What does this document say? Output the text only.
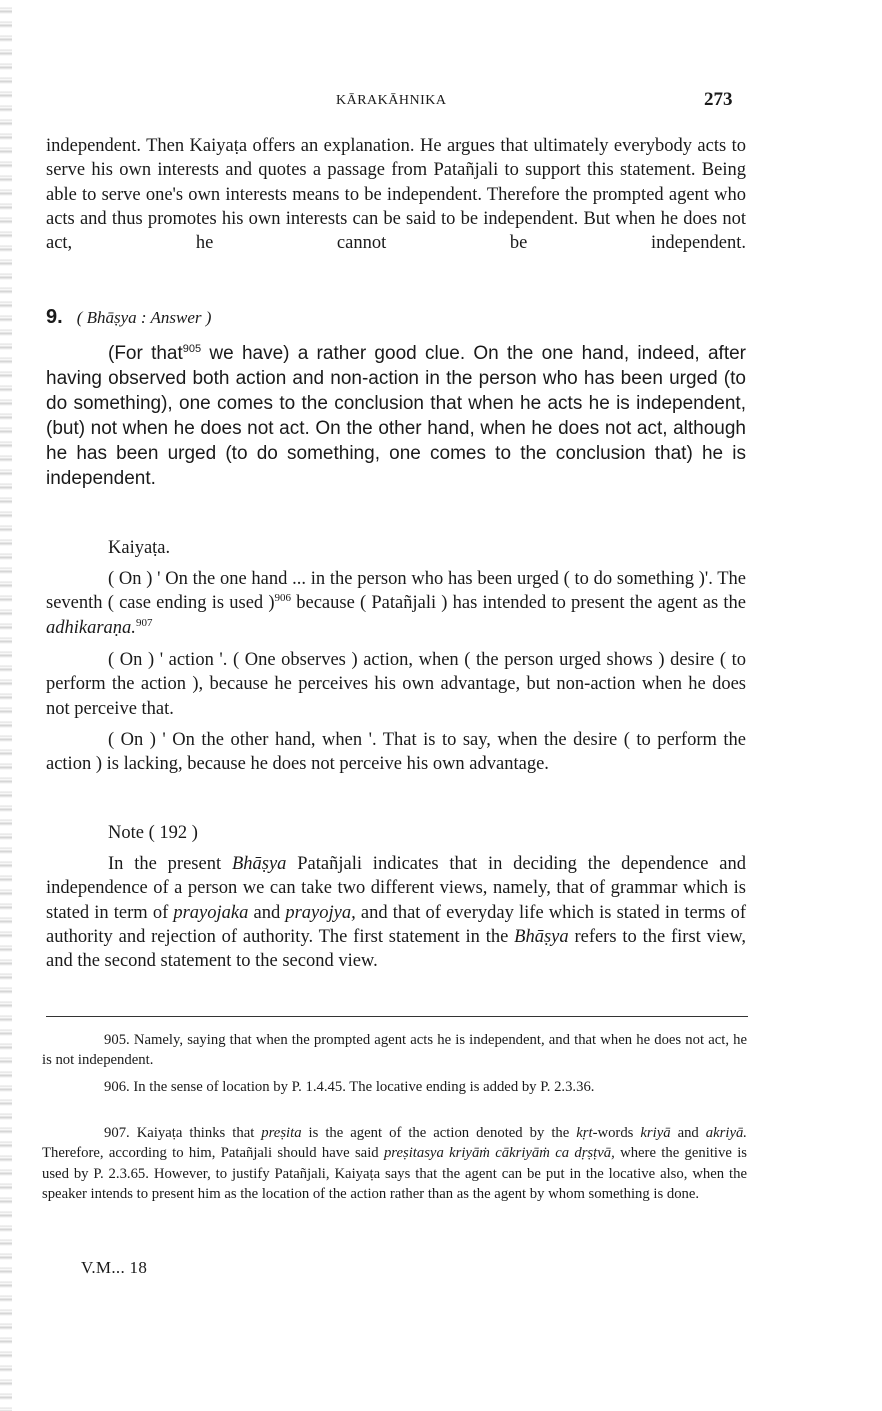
KĀRAKĀHNIKA	273
independent. Then Kaiyaṭa offers an explanation. He argues that ultimately everybody acts to serve his own interests and quotes a passage from Patañjali to support this statement. Being able to serve one's own interests means to be independent. Therefore the prompted agent who acts and thus promotes his own interests can be said to be independent. But when he does not act, he cannot be independent.
9. ( Bhāṣya : Answer )
(For that$^{905}$ we have) a rather good clue. On the one hand, indeed, after having observed both action and non-action in the person who has been urged (to do something), one comes to the conclusion that when he acts he is independent, (but) not when he does not act. On the other hand, when he does not act, although he has been urged (to do something, one comes to the conclusion that) he is independent.
Kaiyaṭa.
( On ) ' On the one hand ... in the person who has been urged ( to do something )'. The seventh ( case ending is used )$^{906}$ because ( Patañjali ) has intended to present the agent as the adhikaraṇa.$^{907}$
( On ) ' action '. ( One observes ) action, when ( the person urged shows ) desire ( to perform the action ), because he perceives his own advantage, but non-action when he does not perceive that.
( On ) ' On the other hand, when '. That is to say, when the desire ( to perform the action ) is lacking, because he does not perceive his own advantage.
Note ( 192 )
In the present Bhāṣya Patañjali indicates that in deciding the dependence and independence of a person we can take two different views, namely, that of grammar which is stated in term of prayojaka and prayojya, and that of everyday life which is stated in terms of authority and rejection of authority. The first statement in the Bhāṣya refers to the first view, and the second statement to the second view.
905. Namely, saying that when the prompted agent acts he is independent, and that when he does not act, he is not independent.
906. In the sense of location by P. 1.4.45. The locative ending is added by P. 2.3.36.
907. Kaiyaṭa thinks that preṣita is the agent of the action denoted by the kṛt-words kriyā and akriyā. Therefore, according to him, Patañjali should have said preṣitasya kriyāṁ cākriyāṁ ca dṛṣṭvā, where the genitive is used by P. 2.3.65. However, to justify Patañjali, Kaiyaṭa says that the agent can be put in the locative also, when the speaker intends to present him as the location of the action rather than as the agent by whom something is done.
V.M... 18
